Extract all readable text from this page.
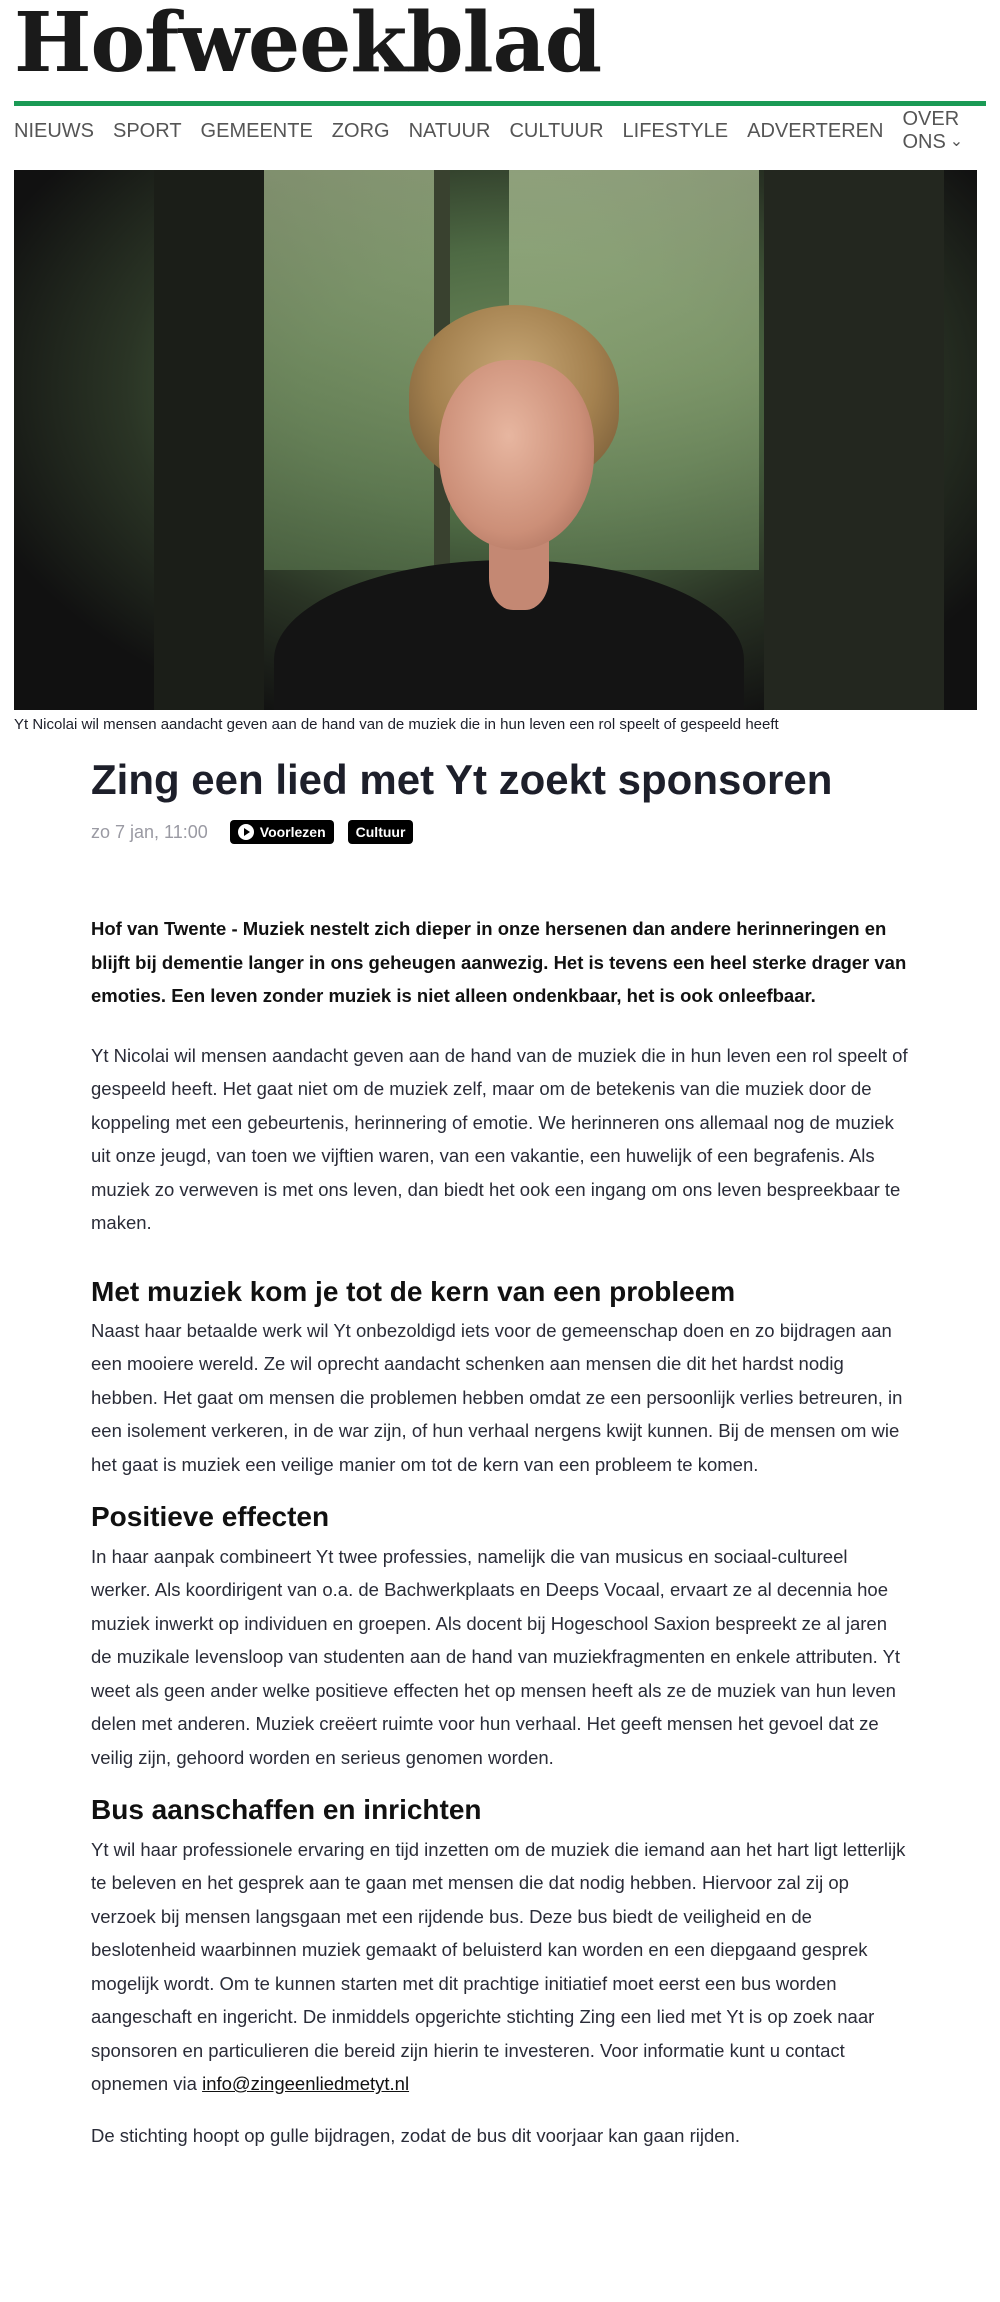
Hofweekblad
NIEUWS SPORT GEMEENTE ZORG NATUUR CULTUUR LIFESTYLE ADVERTEREN
OVER ONS ⌄
Yt Nicolai wil mensen aandacht geven aan de hand van de muziek die in hun leven een rol speelt of gespeeld heeft
Zing een lied met Yt zoekt sponsoren
zo 7 jan, 11:00	Voorlezen	Cultuur

Hof van Twente - Muziek nestelt zich dieper in onze hersenen dan andere herinneringen en blijft bij dementie langer in ons geheugen aanwezig. Het is tevens een heel sterke drager van emoties. Een leven zonder muziek is niet alleen ondenkbaar, het is ook onleefbaar.

Yt Nicolai wil mensen aandacht geven aan de hand van de muziek die in hun leven een rol speelt of gespeeld heeft. Het gaat niet om de muziek zelf, maar om de betekenis van die muziek door de koppeling met een gebeurtenis, herinnering of emotie. We herinneren ons allemaal nog de muziek uit onze jeugd, van toen we vijftien waren, van een vakantie, een huwelijk of een begrafenis. Als muziek zo verweven is met ons leven, dan biedt het ook een ingang om ons leven bespreekbaar te maken.

Met muziek kom je tot de kern van een probleem

Naast haar betaalde werk wil Yt onbezoldigd iets voor de gemeenschap doen en zo bijdragen aan een mooiere wereld. Ze wil oprecht aandacht schenken aan mensen die dit het hardst nodig hebben. Het gaat om mensen die problemen hebben omdat ze een persoonlijk verlies betreuren, in een isolement verkeren, in de war zijn, of hun verhaal nergens kwijt kunnen. Bij de mensen om wie het gaat is muziek een veilige manier om tot de kern van een probleem te komen.

Positieve effecten

In haar aanpak combineert Yt twee professies, namelijk die van musicus en sociaal-cultureel werker. Als koordirigent van o.a. de Bachwerkplaats en Deeps Vocaal, ervaart ze al decennia hoe muziek inwerkt op individuen en groepen. Als docent bij Hogeschool Saxion bespreekt ze al jaren de muzikale levensloop van studenten aan de hand van muziekfragmenten en enkele attributen. Yt weet als geen ander welke positieve effecten het op mensen heeft als ze de muziek van hun leven delen met anderen. Muziek creëert ruimte voor hun verhaal. Het geeft mensen het gevoel dat ze veilig zijn, gehoord worden en serieus genomen worden.

Bus aanschaffen en inrichten

Yt wil haar professionele ervaring en tijd inzetten om de muziek die iemand aan het hart ligt letterlijk te beleven en het gesprek aan te gaan met mensen die dat nodig hebben. Hiervoor zal zij op verzoek bij mensen langsgaan met een rijdende bus. Deze bus biedt de veiligheid en de beslotenheid waarbinnen muziek gemaakt of beluisterd kan worden en een diepgaand gesprek mogelijk wordt. Om te kunnen starten met dit prachtige initiatief moet eerst een bus worden aangeschaft en ingericht. De inmiddels opgerichte stichting Zing een lied met Yt is op zoek naar sponsoren en particulieren die bereid zijn hierin te investeren. Voor informatie kunt u contact opnemen via info@zingeenliedmetyt.nl

De stichting hoopt op gulle bijdragen, zodat de bus dit voorjaar kan gaan rijden.
